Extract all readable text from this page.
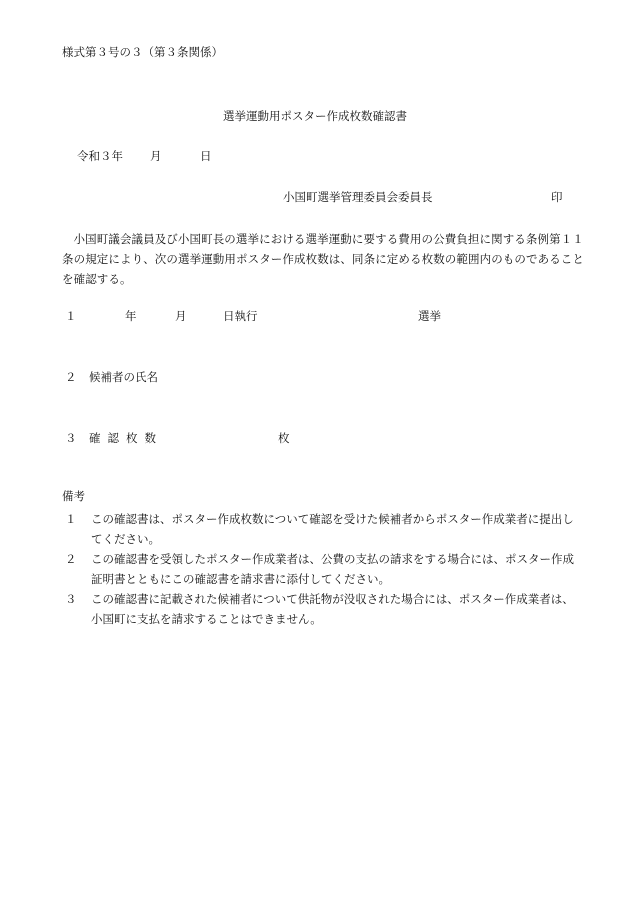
様式第３号の３（第３条関係）
選挙運動用ポスター作成枚数確認書
令和３年 月	日
小国町選挙管理委員会委員長	印
小国町議会議員及び小国町長の選挙における選挙運動に要する費用の公費負担に関する条例第１１条の規定により、次の選挙運動用ポスター作成枚数は、同条に定める枚数の範囲内のものであることを確認する。
１	年	月	日執行	選挙
２ 候補者の氏名
３ 確認枚数	枚
備考
１	この確認書は、ポスター作成枚数について確認を受けた候補者からポスター作成業者に提出してください。
２	この確認書を受領したポスター作成業者は、公費の支払の請求をする場合には、ポスター作成証明書とともにこの確認書を請求書に添付してください。
３	この確認書に記載された候補者について供託物が没収された場合には、ポスター作成業者は、小国町に支払を請求することはできません。
